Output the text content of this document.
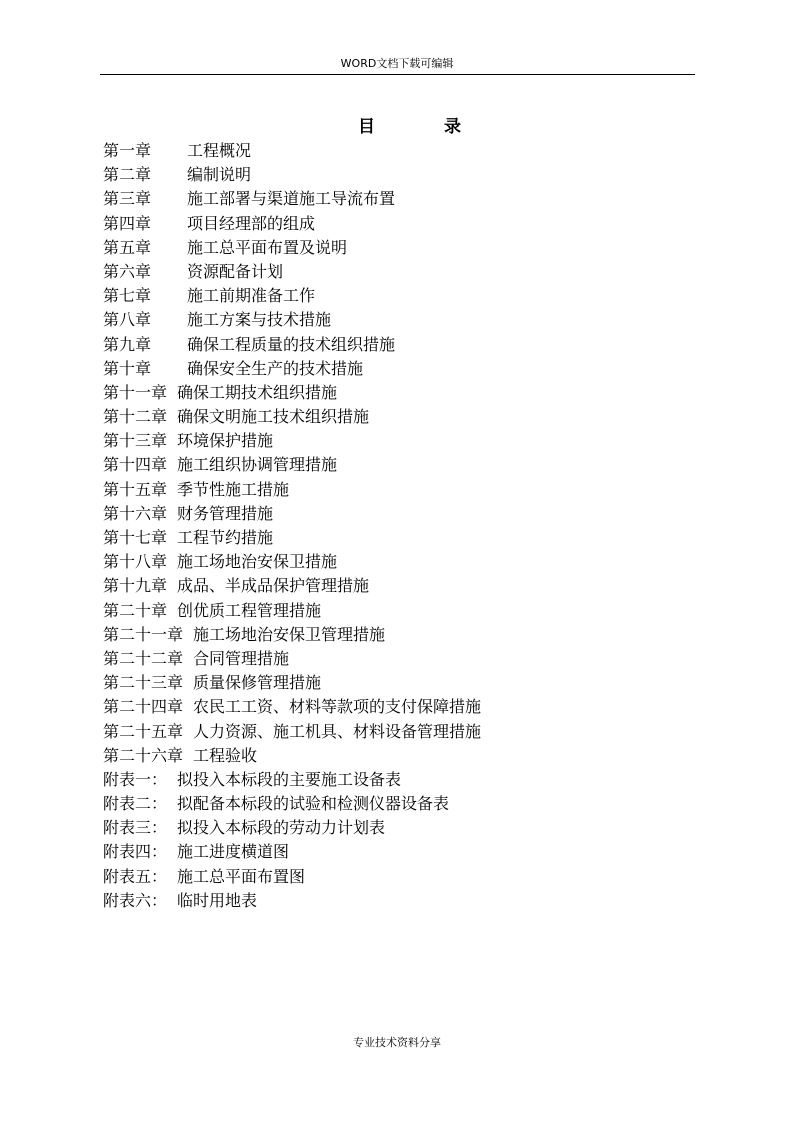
WORD文档下载可编辑
目	录
第一章 工程概况
第二章 编制说明
第三章 施工部署与渠道施工导流布置
第四章 项目经理部的组成
第五章 施工总平面布置及说明
第六章 资源配备计划
第七章 施工前期准备工作
第八章 施工方案与技术措施
第九章 确保工程质量的技术组织措施
第十章 确保安全生产的技术措施
第十一章 确保工期技术组织措施
第十二章 确保文明施工技术组织措施
第十三章 环境保护措施
第十四章 施工组织协调管理措施
第十五章 季节性施工措施
第十六章 财务管理措施
第十七章 工程节约措施
第十八章 施工场地治安保卫措施
第十九章 成品、半成品保护管理措施
第二十章 创优质工程管理措施
第二十一章 施工场地治安保卫管理措施
第二十二章 合同管理措施
第二十三章 质量保修管理措施
第二十四章 农民工工资、材料等款项的支付保障措施
第二十五章 人力资源、施工机具、材料设备管理措施
第二十六章 工程验收
附表一： 拟投入本标段的主要施工设备表
附表二： 拟配备本标段的试验和检测仪器设备表
附表三： 拟投入本标段的劳动力计划表
附表四： 施工进度横道图
附表五： 施工总平面布置图
附表六： 临时用地表
专业技术资料分享
